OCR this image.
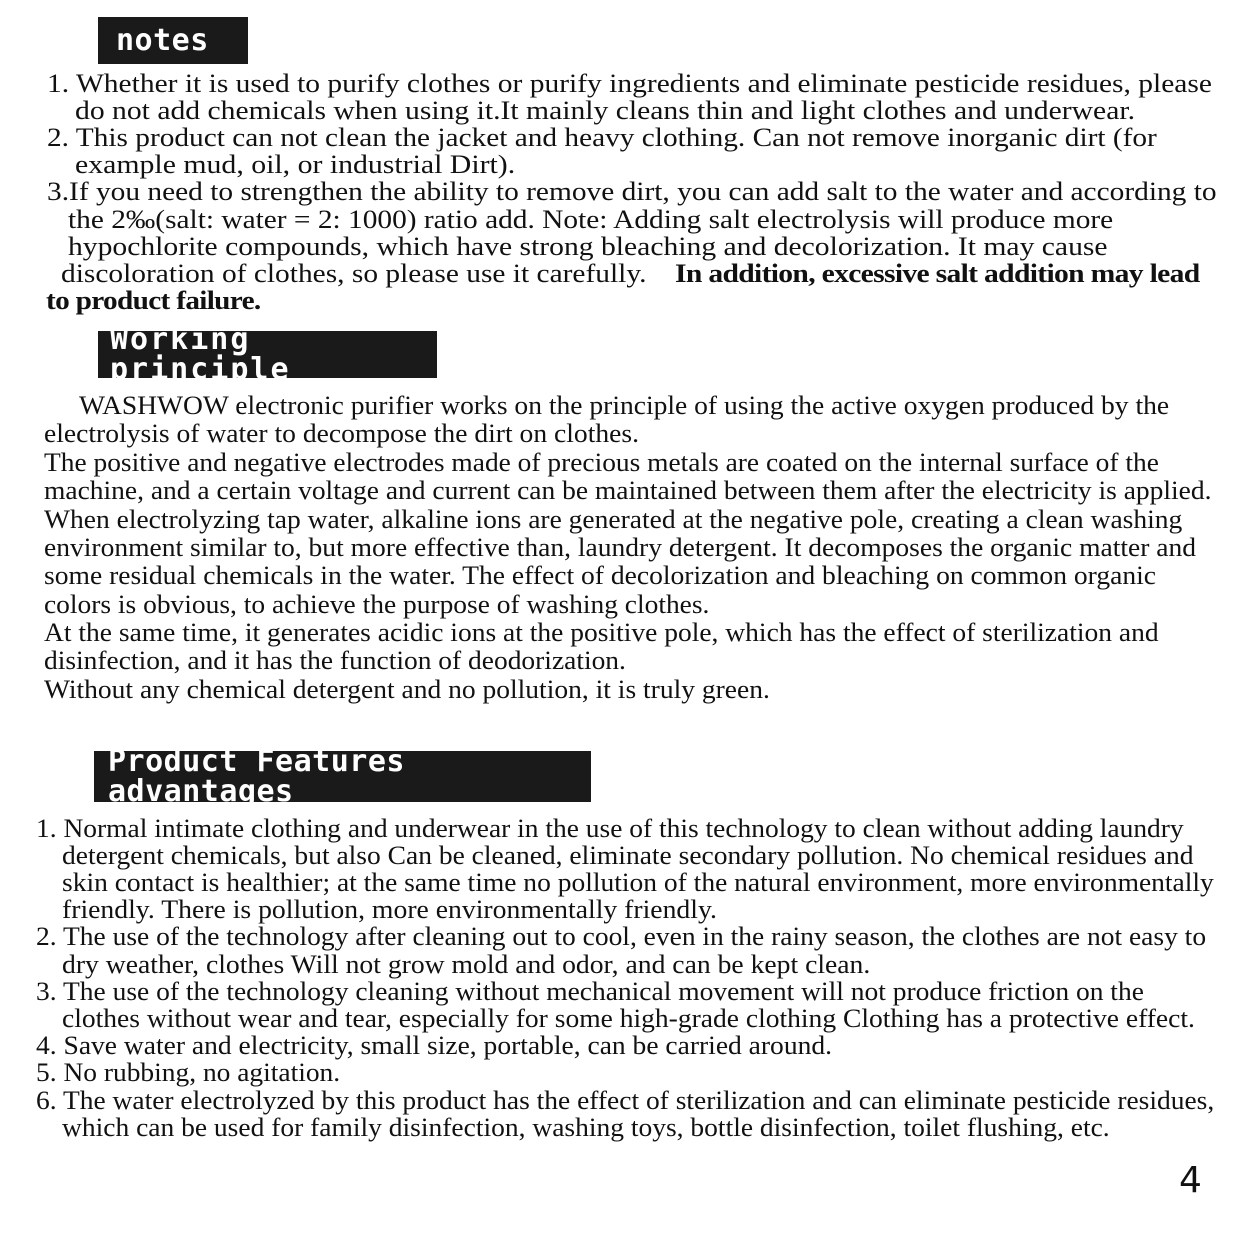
notes
1. Whether it is used to purify clothes or purify ingredients and eliminate pesticide residues, please
do not add chemicals when using it.It mainly cleans thin and light clothes and underwear.
2. This product can not clean the jacket and heavy clothing. Can not remove inorganic dirt (for
example mud, oil, or industrial Dirt).
3.If you need to strengthen the ability to remove dirt, you can add salt to the water and according to
the 2‰(salt: water = 2: 1000) ratio add. Note: Adding salt electrolysis will produce more
hypochlorite compounds, which have strong bleaching and decolorization. It may cause
discoloration of clothes, so please use it carefully. In addition, excessive salt addition may lead
to product failure.
Working principle
WASHWOW electronic purifier works on the principle of using the active oxygen produced by the
electrolysis of water to decompose the dirt on clothes.
The positive and negative electrodes made of precious metals are coated on the internal surface of the
machine, and a certain voltage and current can be maintained between them after the electricity is applied.
When electrolyzing tap water, alkaline ions are generated at the negative pole, creating a clean washing
environment similar to, but more effective than, laundry detergent. It decomposes the organic matter and
some residual chemicals in the water. The effect of decolorization and bleaching on common organic
colors is obvious, to achieve the purpose of washing clothes.
At the same time, it generates acidic ions at the positive pole, which has the effect of sterilization and
disinfection, and it has the function of deodorization.
Without any chemical detergent and no pollution, it is truly green.
Product Features advantages
1. Normal intimate clothing and underwear in the use of this technology to clean without adding laundry
detergent chemicals, but also Can be cleaned, eliminate secondary pollution. No chemical residues and
skin contact is healthier; at the same time no pollution of the natural environment, more environmentally
friendly. There is pollution, more environmentally friendly.
2. The use of the technology after cleaning out to cool, even in the rainy season, the clothes are not easy to
dry weather, clothes Will not grow mold and odor, and can be kept clean.
3. The use of the technology cleaning without mechanical movement will not produce friction on the
clothes without wear and tear, especially for some high-grade clothing Clothing has a protective effect.
4. Save water and electricity, small size, portable, can be carried around.
5. No rubbing, no agitation.
6. The water electrolyzed by this product has the effect of sterilization and can eliminate pesticide residues,
which can be used for family disinfection, washing toys, bottle disinfection, toilet flushing, etc.
4
